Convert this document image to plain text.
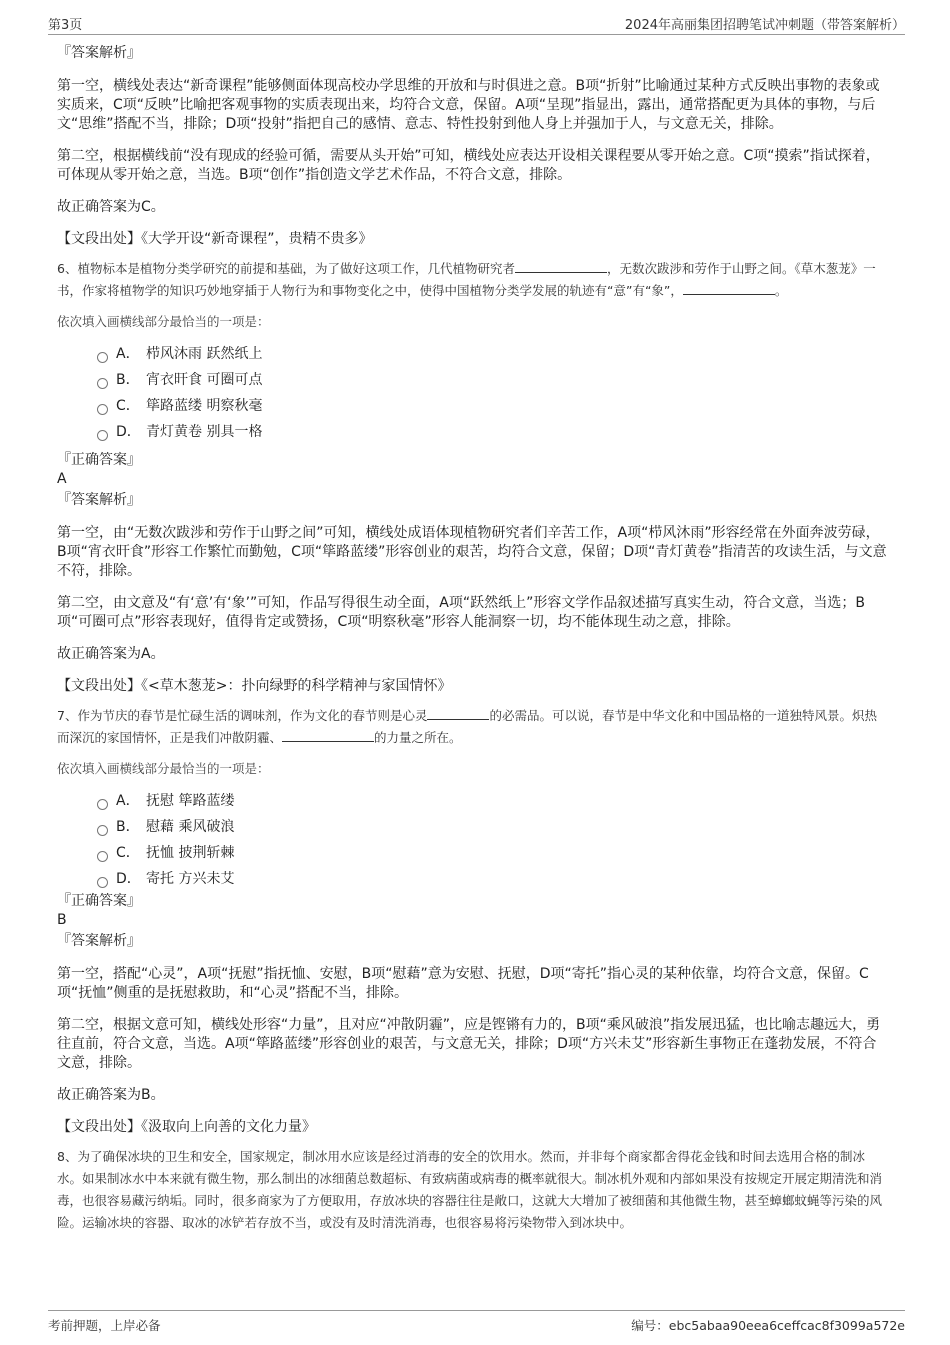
第3页	2024年高丽集团招聘笔试冲刺题（带答案解析）

『答案解析』

第一空，横线处表达“新奇课程”能够侧面体现高校办学思维的开放和与时俱进之意。B项“折射”比喻通过某种方式反映出事物的表象或实质来，C项“反映”比喻把客观事物的实质表现出来，均符合文意，保留。A项“呈现”指显出，露出，通常搭配更为具体的事物，与后文“思维”搭配不当，排除；D项“投射”指把自己的感情、意志、特性投射到他人身上并强加于人，与文意无关，排除。

第二空，根据横线前“没有现成的经验可循，需要从头开始”可知，横线处应表达开设相关课程要从零开始之意。C项“摸索”指试探着，可体现从零开始之意，当选。B项“创作”指创造文学艺术作品，不符合文意，排除。

故正确答案为C。

【文段出处】《大学开设“新奇课程”，贵精不贵多》

6、植物标本是植物分类学研究的前提和基础，为了做好这项工作，几代植物研究者	，无数次跋涉和劳作于山野之间。《草木葱茏》一书，作家将植物学的知识巧妙地穿插于人物行为和事物变化之中，使得中国植物分类学发展的轨迹有“意”有“象”，	。

依次填入画横线部分最恰当的一项是：

A． 栉风沐雨 跃然纸上
B． 宵衣旰食 可圈可点
C． 筚路蓝缕 明察秋毫
D． 青灯黄卷 别具一格

『正确答案』

A

『答案解析』

第一空，由“无数次跋涉和劳作于山野之间”可知，横线处成语体现植物研究者们辛苦工作，A项“栉风沐雨”形容经常在外面奔波劳碌，B项“宵衣旰食”形容工作繁忙而勤勉，C项“筚路蓝缕”形容创业的艰苦，均符合文意，保留；D项“青灯黄卷”指清苦的攻读生活，与文意不符，排除。

第二空，由文意及“有‘意’有‘象’”可知，作品写得很生动全面，A项“跃然纸上”形容文学作品叙述描写真实生动，符合文意，当选；B项“可圈可点”形容表现好，值得肯定或赞扬，C项“明察秋毫”形容人能洞察一切，均不能体现生动之意，排除。

故正确答案为A。

【文段出处】《<草木葱茏>：扑向绿野的科学精神与家国情怀》

7、作为节庆的春节是忙碌生活的调味剂，作为文化的春节则是心灵	的必需品。可以说，春节是中华文化和中国品格的一道独特风景。炽热而深沉的家国情怀，正是我们冲散阴霾、	的力量之所在。

依次填入画横线部分最恰当的一项是：

A． 抚慰 筚路蓝缕
B． 慰藉 乘风破浪
C． 抚恤 披荆斩棘
D． 寄托 方兴未艾

『正确答案』

B

『答案解析』

第一空，搭配“心灵”，A项“抚慰”指抚恤、安慰，B项“慰藉”意为安慰、抚慰，D项“寄托”指心灵的某种依靠，均符合文意，保留。C项“抚恤”侧重的是抚慰救助，和“心灵”搭配不当，排除。

第二空，根据文意可知，横线处形容“力量”，且对应“冲散阴霾”，应是铿锵有力的，B项“乘风破浪”指发展迅猛，也比喻志趣远大，勇往直前，符合文意，当选。A项“筚路蓝缕”形容创业的艰苦，与文意无关，排除；D项“方兴未艾”形容新生事物正在蓬勃发展，不符合文意，排除。

故正确答案为B。

【文段出处】《汲取向上向善的文化力量》

8、为了确保冰块的卫生和安全，国家规定，制冰用水应该是经过消毒的安全的饮用水。然而，并非每个商家都舍得花金钱和时间去选用合格的制冰水。如果制冰水中本来就有微生物，那么制出的冰细菌总数超标、有致病菌或病毒的概率就很大。制冰机外观和内部如果没有按规定开展定期清洗和消毒，也很容易藏污纳垢。同时，很多商家为了方便取用，存放冰块的容器往往是敞口，这就大大增加了被细菌和其他微生物，甚至蟑螂蚊蝇等污染的风险。运输冰块的容器、取冰的冰铲若存放不当，或没有及时清洗消毒，也很容易将污染物带入到冰块中。

考前押题，上岸必备	编号：ebc5abaa90eea6ceffcac8f3099a572e
